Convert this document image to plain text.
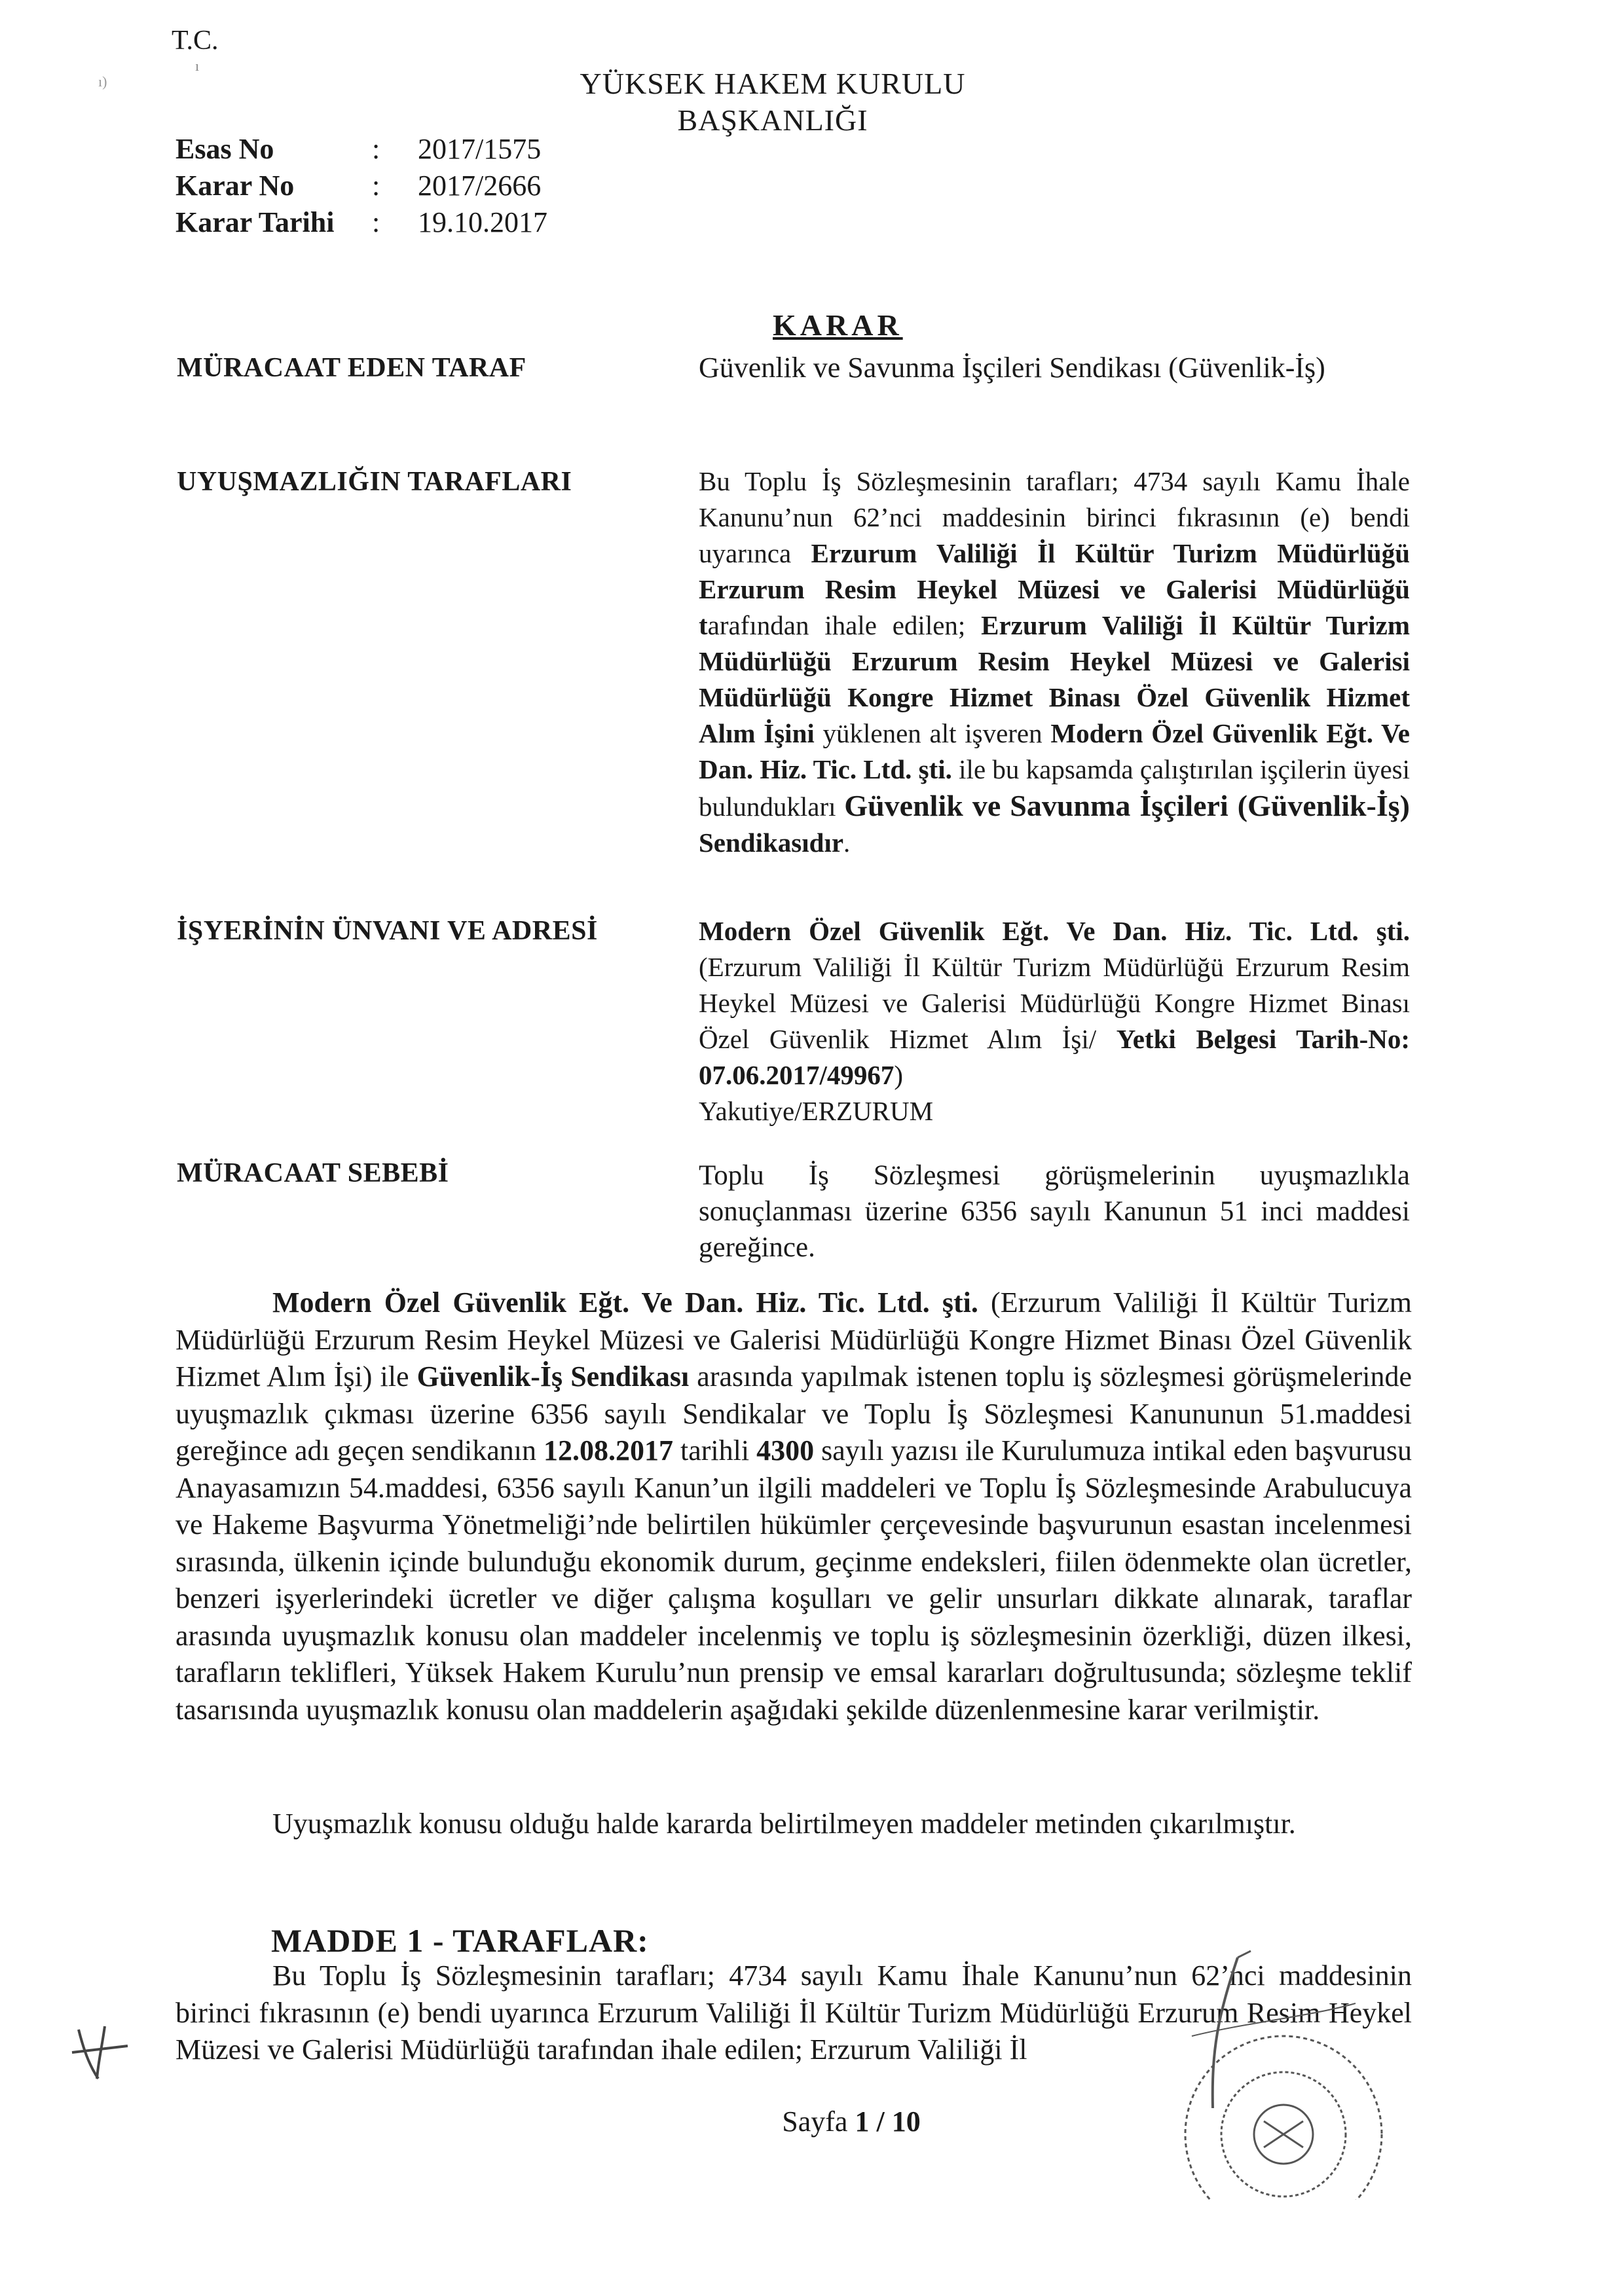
T.C.
ı
ı)	YÜKSEK HAKEM KURULU
BAŞKANLIĞI
Esas No	:	2017/1575
Karar No	:	2017/2666
Karar Tarihi	:	19.10.2017
KARAR
MÜRACAAT EDEN TARAF	Güvenlik ve Savunma İşçileri Sendikası (Güvenlik-İş)
UYUŞMAZLIĞIN TARAFLARI	Bu Toplu İş Sözleşmesinin tarafları; 4734 sayılı Kamu İhale Kanunu’nun 62’nci maddesinin birinci fıkrasının (e) bendi uyarınca Erzurum Valiliği İl Kültür Turizm Müdürlüğü Erzurum Resim Heykel Müzesi ve Galerisi Müdürlüğü tarafından ihale edilen; Erzurum Valiliği İl Kültür Turizm Müdürlüğü Erzurum Resim Heykel Müzesi ve Galerisi Müdürlüğü Kongre Hizmet Binası Özel Güvenlik Hizmet Alım İşini yüklenen alt işveren Modern Özel Güvenlik Eğt. Ve Dan. Hiz. Tic. Ltd. şti. ile bu kapsamda çalıştırılan işçilerin üyesi bulundukları Güvenlik ve Savunma İşçileri (Güvenlik-İş) Sendikasıdır.
İŞYERİNİN ÜNVANI VE ADRESİ	Modern Özel Güvenlik Eğt. Ve Dan. Hiz. Tic. Ltd. şti. (Erzurum Valiliği İl Kültür Turizm Müdürlüğü Erzurum Resim Heykel Müzesi ve Galerisi Müdürlüğü Kongre Hizmet Binası Özel Güvenlik Hizmet Alım İşi/ Yetki Belgesi Tarih-No: 07.06.2017/49967)
Yakutiye/ERZURUM
MÜRACAAT SEBEBİ	Toplu İş Sözleşmesi görüşmelerinin uyuşmazlıkla sonuçlanması üzerine 6356 sayılı Kanunun 51 inci maddesi gereğince.
Modern Özel Güvenlik Eğt. Ve Dan. Hiz. Tic. Ltd. şti. (Erzurum Valiliği İl Kültür Turizm Müdürlüğü Erzurum Resim Heykel Müzesi ve Galerisi Müdürlüğü Kongre Hizmet Binası Özel Güvenlik Hizmet Alım İşi) ile Güvenlik-İş Sendikası arasında yapılmak istenen toplu iş sözleşmesi görüşmelerinde uyuşmazlık çıkması üzerine 6356 sayılı Sendikalar ve Toplu İş Sözleşmesi Kanununun 51.maddesi gereğince adı geçen sendikanın 12.08.2017 tarihli 4300 sayılı yazısı ile Kurulumuza intikal eden başvurusu Anayasamızın 54.maddesi, 6356 sayılı Kanun’un ilgili maddeleri ve Toplu İş Sözleşmesinde Arabulucuya ve Hakeme Başvurma Yönetmeliği’nde belirtilen hükümler çerçevesinde başvurunun esastan incelenmesi sırasında, ülkenin içinde bulunduğu ekonomik durum, geçinme endeksleri, fiilen ödenmekte olan ücretler, benzeri işyerlerindeki ücretler ve diğer çalışma koşulları ve gelir unsurları dikkate alınarak, taraflar arasında uyuşmazlık konusu olan maddeler incelenmiş ve toplu iş sözleşmesinin özerkliği, düzen ilkesi, tarafların teklifleri, Yüksek Hakem Kurulu’nun prensip ve emsal kararları doğrultusunda; sözleşme teklif tasarısında uyuşmazlık konusu olan maddelerin aşağıdaki şekilde düzenlenmesine karar verilmiştir.
Uyuşmazlık konusu olduğu halde kararda belirtilmeyen maddeler metinden çıkarılmıştır.
MADDE 1 - TARAFLAR:
Bu Toplu İş Sözleşmesinin tarafları; 4734 sayılı Kamu İhale Kanunu’nun 62’nci maddesinin birinci fıkrasının (e) bendi uyarınca Erzurum Valiliği İl Kültür Turizm Müdürlüğü Erzurum Resim Heykel Müzesi ve Galerisi Müdürlüğü tarafından ihale edilen; Erzurum Valiliği İl
Sayfa 1 / 10
